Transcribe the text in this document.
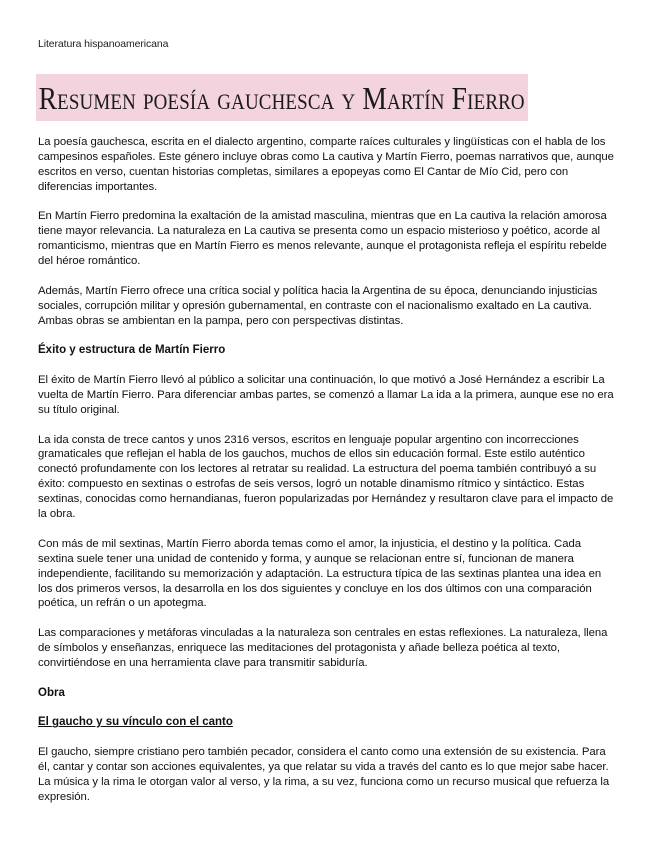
Literatura hispanoamericana
Resumen poesía gauchesca y Martín Fierro

La poesía gauchesca, escrita en el dialecto argentino, comparte raíces culturales y lingüísticas con el habla de los campesinos españoles. Este género incluye obras como La cautiva y Martín Fierro, poemas narrativos que, aunque escritos en verso, cuentan historias completas, similares a epopeyas como El Cantar de Mío Cid, pero con diferencias importantes.

En Martín Fierro predomina la exaltación de la amistad masculina, mientras que en La cautiva la relación amorosa tiene mayor relevancia. La naturaleza en La cautiva se presenta como un espacio misterioso y poético, acorde al romanticismo, mientras que en Martín Fierro es menos relevante, aunque el protagonista refleja el espíritu rebelde del héroe romántico.

Además, Martín Fierro ofrece una crítica social y política hacia la Argentina de su época, denunciando injusticias sociales, corrupción militar y opresión gubernamental, en contraste con el nacionalismo exaltado en La cautiva. Ambas obras se ambientan en la pampa, pero con perspectivas distintas.

Éxito y estructura de Martín Fierro

El éxito de Martín Fierro llevó al público a solicitar una continuación, lo que motivó a José Hernández a escribir La vuelta de Martín Fierro. Para diferenciar ambas partes, se comenzó a llamar La ida a la primera, aunque ese no era su título original.

La ida consta de trece cantos y unos 2316 versos, escritos en lenguaje popular argentino con incorrecciones gramaticales que reflejan el habla de los gauchos, muchos de ellos sin educación formal. Este estilo auténtico conectó profundamente con los lectores al retratar su realidad. La estructura del poema también contribuyó a su éxito: compuesto en sextinas o estrofas de seis versos, logró un notable dinamismo rítmico y sintáctico. Estas sextinas, conocidas como hernandianas, fueron popularizadas por Hernández y resultaron clave para el impacto de la obra.

Con más de mil sextinas, Martín Fierro aborda temas como el amor, la injusticia, el destino y la política. Cada sextina suele tener una unidad de contenido y forma, y aunque se relacionan entre sí, funcionan de manera independiente, facilitando su memorización y adaptación. La estructura típica de las sextinas plantea una idea en los dos primeros versos, la desarrolla en los dos siguientes y concluye en los dos últimos con una comparación poética, un refrán o un apotegma.

Las comparaciones y metáforas vinculadas a la naturaleza son centrales en estas reflexiones. La naturaleza, llena de símbolos y enseñanzas, enriquece las meditaciones del protagonista y añade belleza poética al texto, convirtiéndose en una herramienta clave para transmitir sabiduría.

Obra
El gaucho y su vínculo con el canto

El gaucho, siempre cristiano pero también pecador, considera el canto como una extensión de su existencia. Para él, cantar y contar son acciones equivalentes, ya que relatar su vida a través del canto es lo que mejor sabe hacer. La música y la rima le otorgan valor al verso, y la rima, a su vez, funciona como un recurso musical que refuerza la expresión.
